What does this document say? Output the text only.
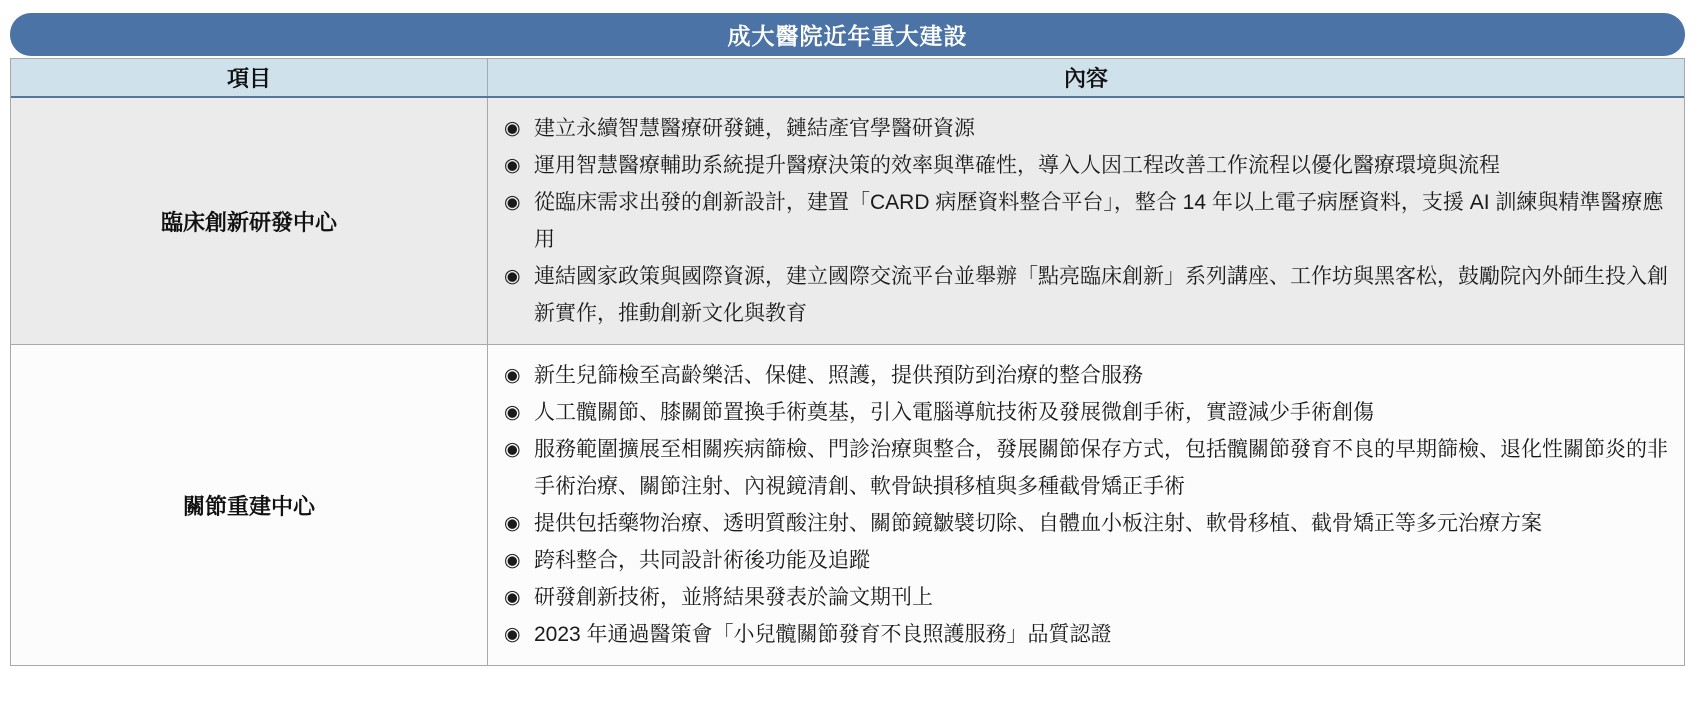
成大醫院近年重大建設
項目	內容
臨床創新研發中心
◉ 建立永續智慧醫療研發鏈，鏈結產官學醫研資源
◉ 運用智慧醫療輔助系統提升醫療決策的效率與準確性，導入人因工程改善工作流程以優化醫療環境與流程
◉ 從臨床需求出發的創新設計，建置「CARD 病歷資料整合平台」，整合 14 年以上電子病歷資料，支援 AI 訓練與精準醫療應用
◉ 連結國家政策與國際資源，建立國際交流平台並舉辦「點亮臨床創新」系列講座、工作坊與黑客松，鼓勵院內外師生投入創新實作，推動創新文化與教育
關節重建中心
◉ 新生兒篩檢至高齡樂活、保健、照護，提供預防到治療的整合服務
◉ 人工髖關節、膝關節置換手術奠基，引入電腦導航技術及發展微創手術，實證減少手術創傷
◉ 服務範圍擴展至相關疾病篩檢、門診治療與整合，發展關節保存方式，包括髖關節發育不良的早期篩檢、退化性關節炎的非手術治療、關節注射、內視鏡清創、軟骨缺損移植與多種截骨矯正手術
◉ 提供包括藥物治療、透明質酸注射、關節鏡皺襞切除、自體血小板注射、軟骨移植、截骨矯正等多元治療方案
◉ 跨科整合，共同設計術後功能及追蹤
◉ 研發創新技術，並將結果發表於論文期刊上
◉ 2023 年通過醫策會「小兒髖關節發育不良照護服務」品質認證
